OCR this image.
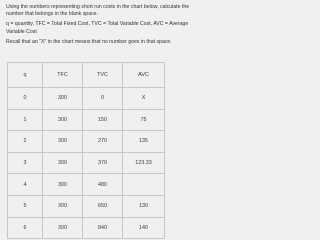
Using the numbers representing short run costs in the chart below, calculate the number that belongs in the blank space.

q = quantity, TFC = Total Fixed Cost, TVC = Total Variable Cost, AVC = Average Variable Cost

Recall that an "X" in the chart means that no number goes in that space.

q	TFC	TVC	AVC
0	300	0	X
1	300	150	75
2	300	270	135
3	300	370	123.33
4	300	480	
5	300	650	130
6	300	840	140
